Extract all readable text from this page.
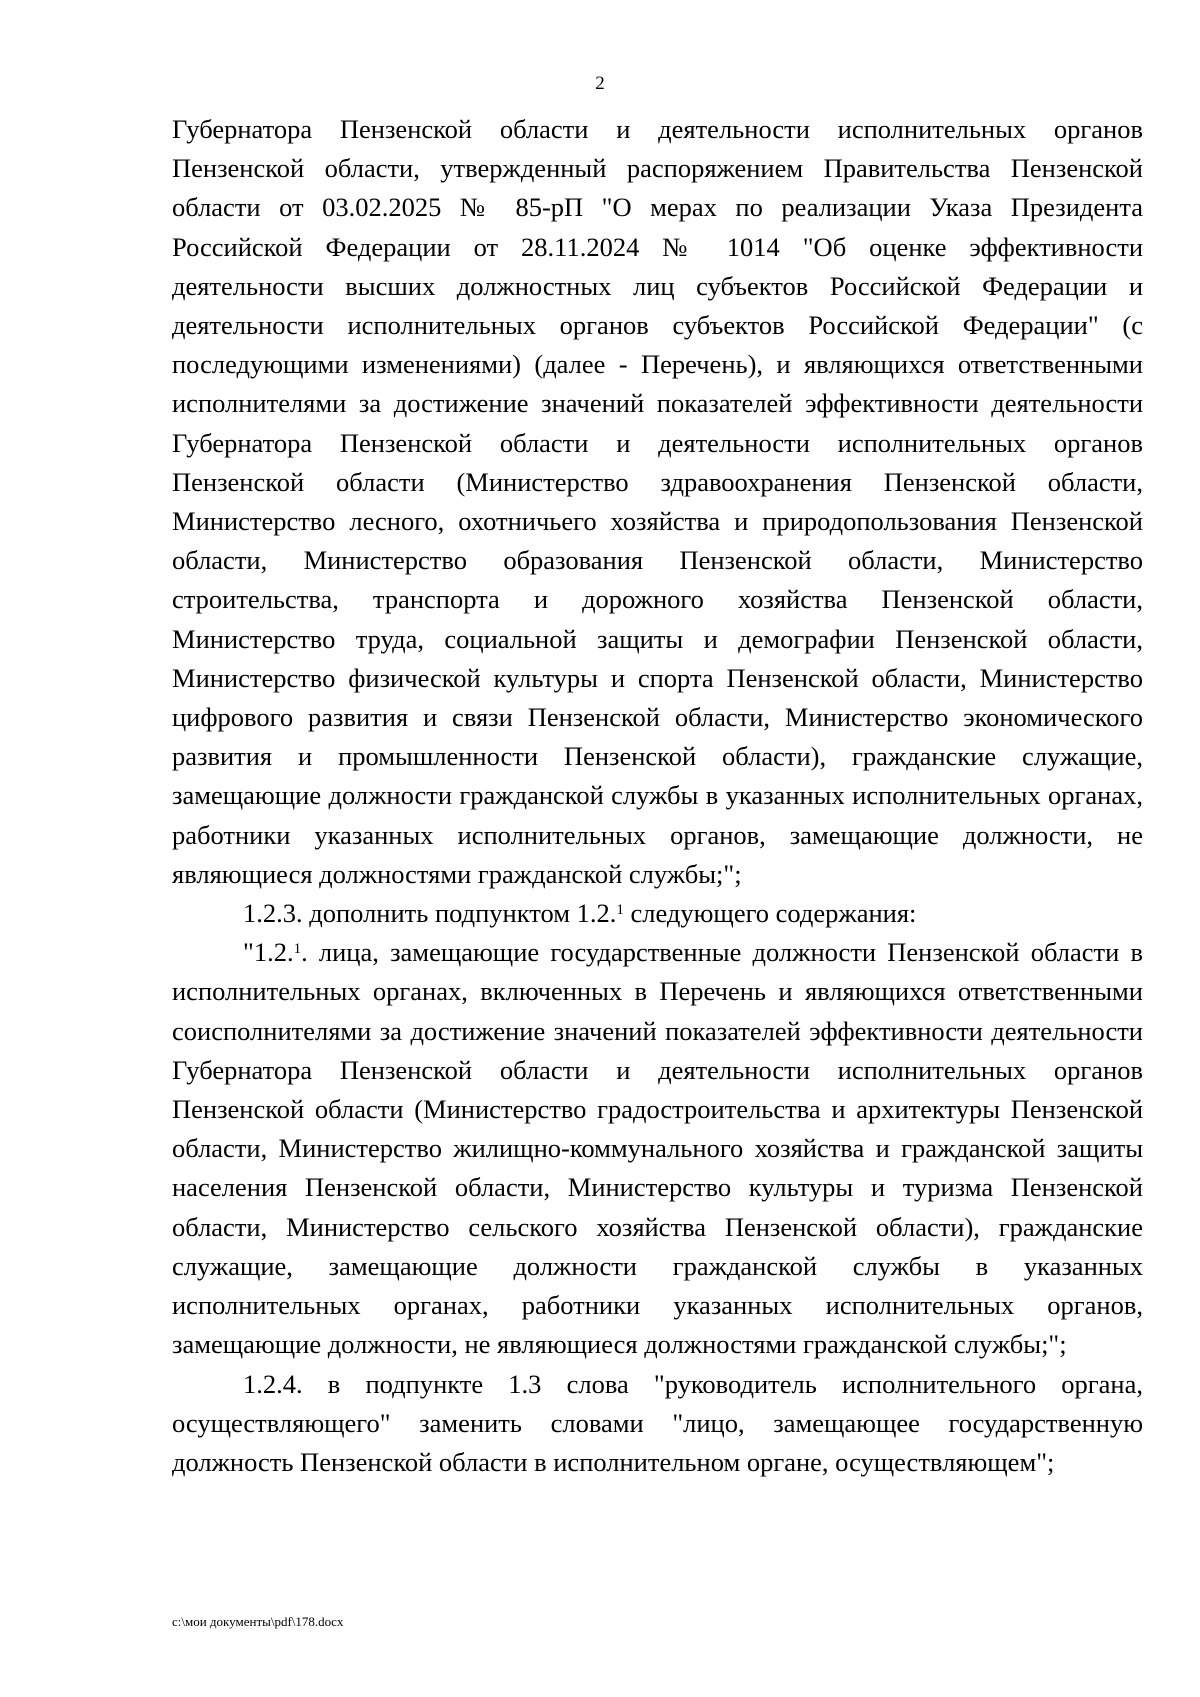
2

Губернатора Пензенской области и деятельности исполнительных органов Пензенской области, утвержденный распоряжением Правительства Пензенской области от 03.02.2025 № 85-рП "О мерах по реализации Указа Президента Российской Федерации от 28.11.2024 № 1014 "Об оценке эффективности деятельности высших должностных лиц субъектов Российской Федерации и деятельности исполнительных органов субъектов Российской Федерации" (с последующими изменениями) (далее - Перечень), и являющихся ответственными исполнителями за достижение значений показателей эффективности деятельности Губернатора Пензенской области и деятельности исполнительных органов Пензенской области (Министерство здравоохранения Пензенской области, Министерство лесного, охотничьего хозяйства и природопользования Пензенской области, Министерство образования Пензенской области, Министерство строительства, транспорта и дорожного хозяйства Пензенской области, Министерство труда, социальной защиты и демографии Пензенской области, Министерство физической культуры и спорта Пензенской области, Министерство цифрового развития и связи Пензенской области, Министерство экономического развития и промышленности Пензенской области), гражданские служащие, замещающие должности гражданской службы в указанных исполнительных органах, работники указанных исполнительных органов, замещающие должности, не являющиеся должностями гражданской службы;";

1.2.3. дополнить подпунктом 1.2.$^1$ следующего содержания:

"1.2.$^1$. лица, замещающие государственные должности Пензенской области в исполнительных органах, включенных в Перечень и являющихся ответственными соисполнителями за достижение значений показателей эффективности деятельности Губернатора Пензенской области и деятельности исполнительных органов Пензенской области (Министерство градостроительства и архитектуры Пензенской области, Министерство жилищно-коммунального хозяйства и гражданской защиты населения Пензенской области, Министерство культуры и туризма Пензенской области, Министерство сельского хозяйства Пензенской области), гражданские служащие, замещающие должности гражданской службы в указанных исполнительных органах, работники указанных исполнительных органов, замещающие должности, не являющиеся должностями гражданской службы;";

1.2.4. в подпункте 1.3 слова "руководитель исполнительного органа, осуществляющего" заменить словами "лицо, замещающее государственную должность Пензенской области в исполнительном органе, осуществляющем";

c:\мои документы\pdf\178.docx
